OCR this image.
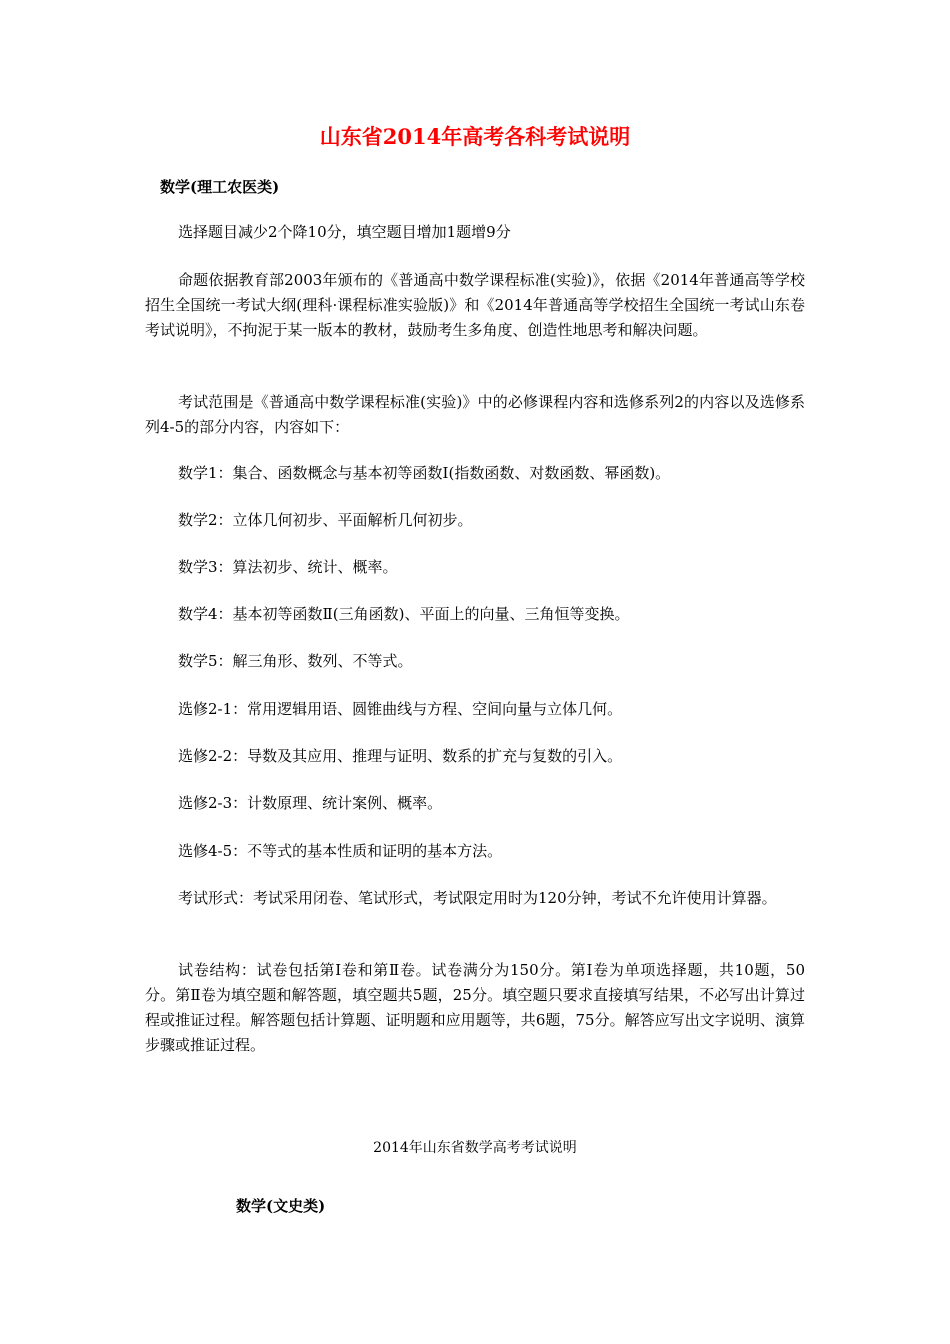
山东省2014年高考各科考试说明

数学(理工农医类)

选择题目减少2个降10分，填空题目增加1题增9分

命题依据教育部2003年颁布的《普通高中数学课程标准(实验)》，依据《2014年普通高等学校招生全国统一考试大纲(理科·课程标准实验版)》和《2014年普通高等学校招生全国统一考试山东卷考试说明》，不拘泥于某一版本的教材，鼓励考生多角度、创造性地思考和解决问题。

考试范围是《普通高中数学课程标准(实验)》中的必修课程内容和选修系列2的内容以及选修系列4-5的部分内容，内容如下：

数学1：集合、函数概念与基本初等函数Ⅰ(指数函数、对数函数、幂函数)。

数学2：立体几何初步、平面解析几何初步。

数学3：算法初步、统计、概率。

数学4：基本初等函数Ⅱ(三角函数)、平面上的向量、三角恒等变换。

数学5：解三角形、数列、不等式。

选修2-1：常用逻辑用语、圆锥曲线与方程、空间向量与立体几何。

选修2-2：导数及其应用、推理与证明、数系的扩充与复数的引入。

选修2-3：计数原理、统计案例、概率。

选修4-5：不等式的基本性质和证明的基本方法。

考试形式：考试采用闭卷、笔试形式，考试限定用时为120分钟，考试不允许使用计算器。

试卷结构：试卷包括第Ⅰ卷和第Ⅱ卷。试卷满分为150分。第Ⅰ卷为单项选择题，共10题，50分。第Ⅱ卷为填空题和解答题，填空题共5题，25分。填空题只要求直接填写结果，不必写出计算过程或推证过程。解答题包括计算题、证明题和应用题等，共6题，75分。解答应写出文字说明、演算步骤或推证过程。

2014年山东省数学高考考试说明

数学(文史类)
